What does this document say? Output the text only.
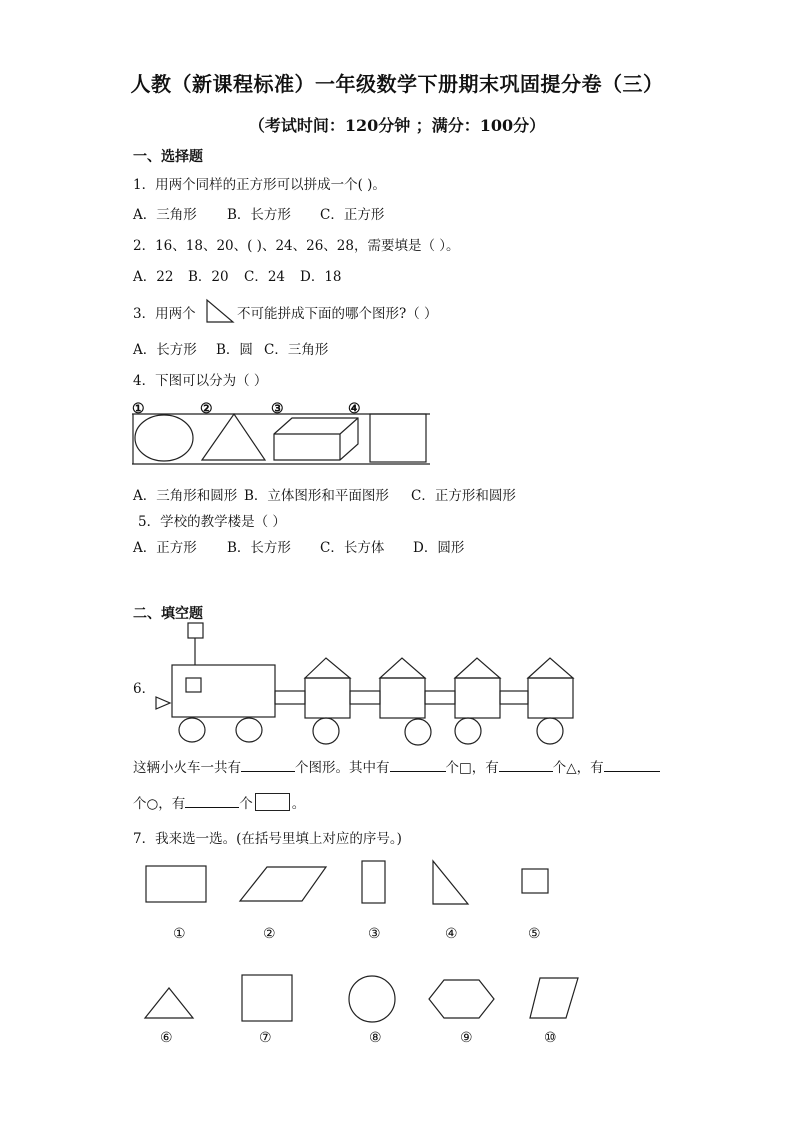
人教（新课程标准）一年级数学下册期末巩固提分卷（三）
（考试时间：120分钟 ；满分：100分）
一、选择题
1．用两个同样的正方形可以拼成一个( )。
A．三角形 B．长方形 C．正方形
2．16、18、20、( )、24、26、28，需要填是（ ）。
A．22 B．20 C．24 D．18
3．用两个	不可能拼成下面的哪个图形?（ ）
A．长方形 B．圆 C．三角形
4．下图可以分为（ ）
①	②	③	④
A．三角形和圆形 B．立体图形和平面图形 C．正方形和圆形
5．学校的教学楼是（ ）
A．正方形 B．长方形 C．长方体 D．圆形
二、填空题
6．
这辆小火车一共有	个图形。其中有	个□，有	个△，有
个○，有	个	。
7．我来选一选。(在括号里填上对应的序号。)
①	②	③	④	⑤
⑥	⑦	⑧	⑨	⑩
